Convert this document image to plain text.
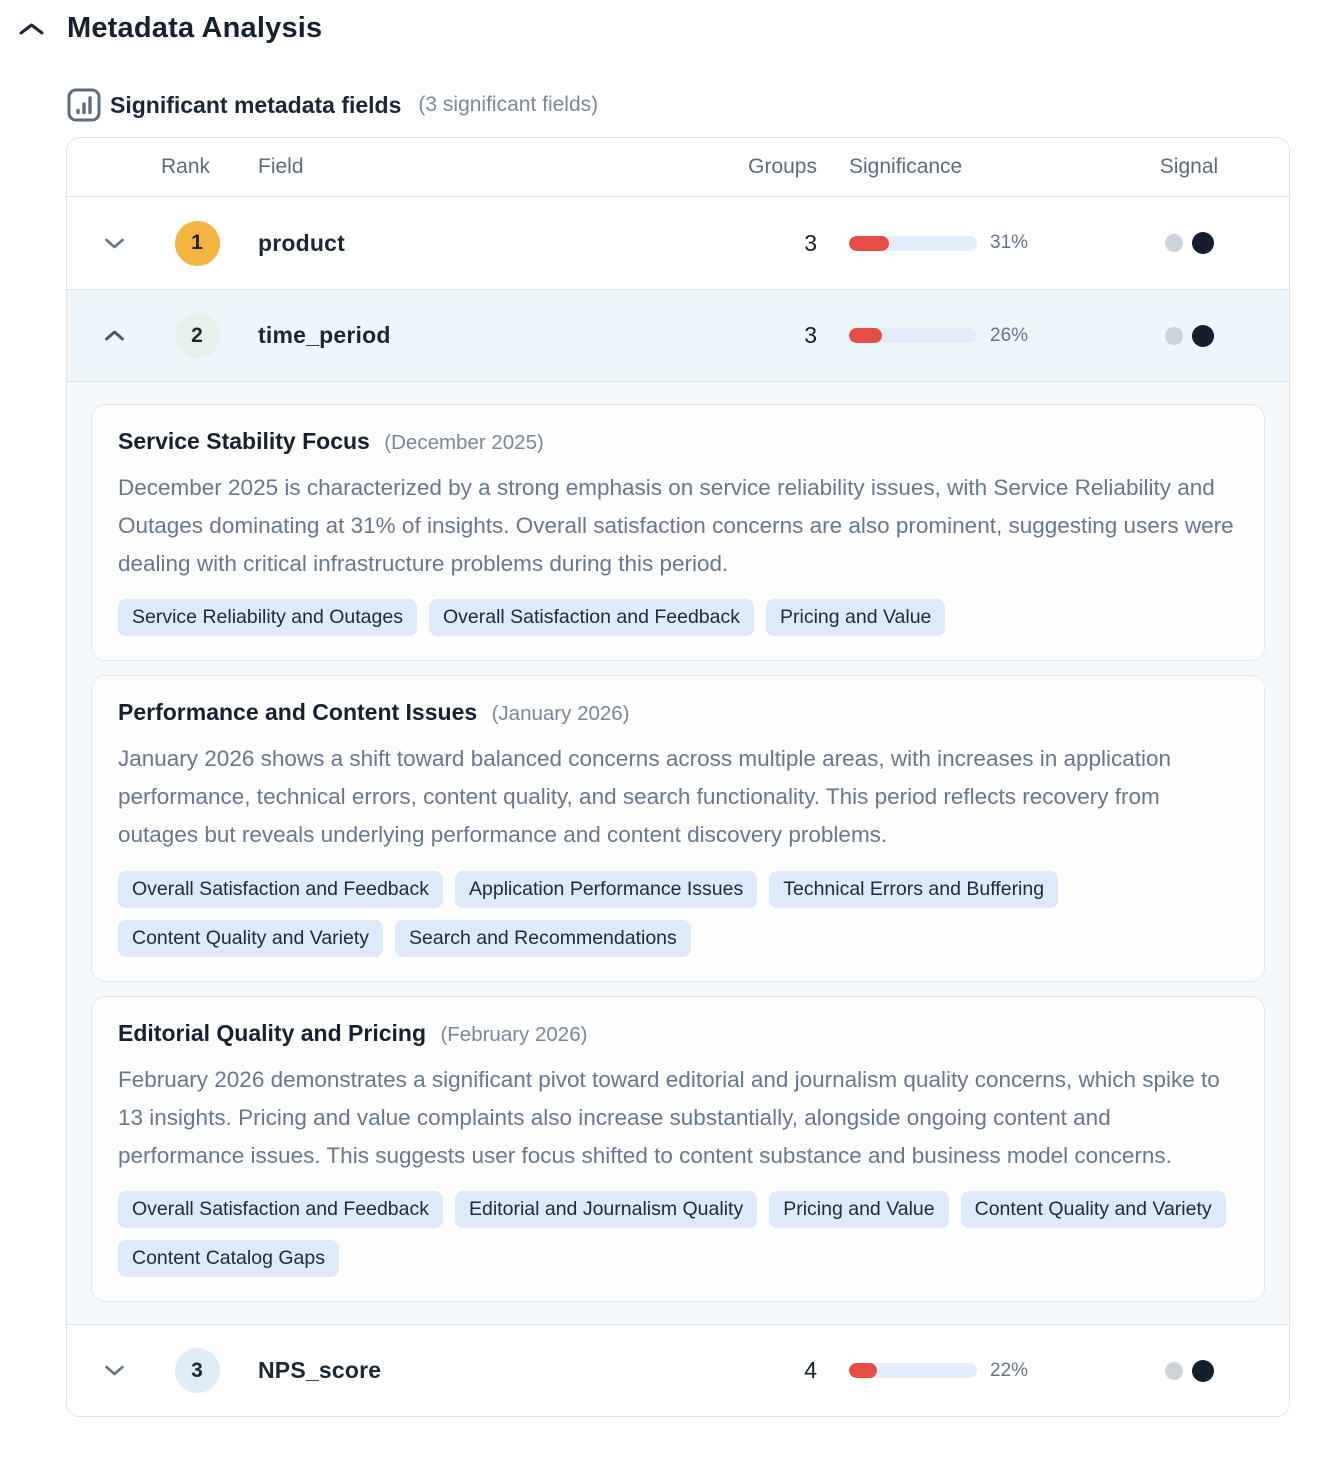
Metadata Analysis
Significant metadata fields (3 significant fields)
Rank	Field	Groups	Significance	Signal
1	product	3	31%
2	time_period	3	26%
Service Stability Focus (December 2025)
December 2025 is characterized by a strong emphasis on service reliability issues, with Service Reliability and Outages dominating at 31% of insights. Overall satisfaction concerns are also prominent, suggesting users were dealing with critical infrastructure problems during this period.
Service Reliability and Outages	Overall Satisfaction and Feedback	Pricing and Value
Performance and Content Issues (January 2026)
January 2026 shows a shift toward balanced concerns across multiple areas, with increases in application performance, technical errors, content quality, and search functionality. This period reflects recovery from outages but reveals underlying performance and content discovery problems.
Overall Satisfaction and Feedback	Application Performance Issues	Technical Errors and Buffering
Content Quality and Variety	Search and Recommendations
Editorial Quality and Pricing (February 2026)
February 2026 demonstrates a significant pivot toward editorial and journalism quality concerns, which spike to 13 insights. Pricing and value complaints also increase substantially, alongside ongoing content and performance issues. This suggests user focus shifted to content substance and business model concerns.
Overall Satisfaction and Feedback	Editorial and Journalism Quality	Pricing and Value	Content Quality and Variety
Content Catalog Gaps
3	NPS_score	4	22%
